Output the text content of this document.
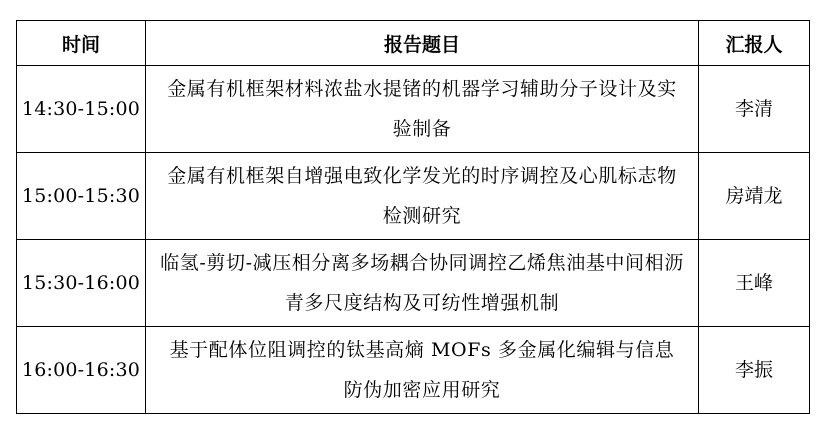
时间	报告题目	汇报人
14:30-15:00	金属有机框架材料浓盐水提锗的机器学习辅助分子设计及实验制备	李清
15:00-15:30	金属有机框架自增强电致化学发光的时序调控及心肌标志物检测研究	房靖龙
15:30-16:00	临氢-剪切-减压相分离多场耦合协同调控乙烯焦油基中间相沥青多尺度结构及可纺性增强机制	王峰
16:00-16:30	基于配体位阻调控的钛基高熵 MOFs 多金属化编辑与信息防伪加密应用研究	李振
